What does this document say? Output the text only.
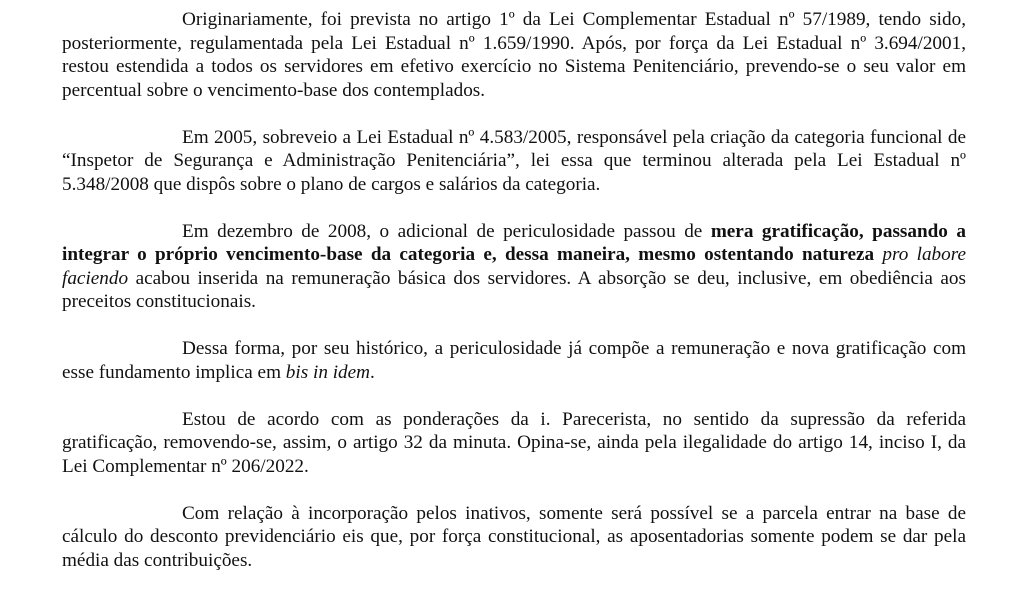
Originariamente, foi prevista no artigo 1º da Lei Complementar Estadual nº 57/1989, tendo sido, posteriormente, regulamentada pela Lei Estadual nº 1.659/1990. Após, por força da Lei Estadual nº 3.694/2001, restou estendida a todos os servidores em efetivo exercício no Sistema Penitenciário, prevendo-se o seu valor em percentual sobre o vencimento-base dos contemplados.

Em 2005, sobreveio a Lei Estadual nº 4.583/2005, responsável pela criação da categoria funcional de “Inspetor de Segurança e Administração Penitenciária”, lei essa que terminou alterada pela Lei Estadual nº 5.348/2008 que dispôs sobre o plano de cargos e salários da categoria.

Em dezembro de 2008, o adicional de periculosidade passou de mera gratificação, passando a integrar o próprio vencimento-base da categoria e, dessa maneira, mesmo ostentando natureza pro labore faciendo acabou inserida na remuneração básica dos servidores. A absorção se deu, inclusive, em obediência aos preceitos constitucionais.

Dessa forma, por seu histórico, a periculosidade já compõe a remuneração e nova gratificação com esse fundamento implica em bis in idem.

Estou de acordo com as ponderações da i. Parecerista, no sentido da supressão da referida gratificação, removendo-se, assim, o artigo 32 da minuta. Opina-se, ainda pela ilegalidade do artigo 14, inciso I, da Lei Complementar nº 206/2022.

Com relação à incorporação pelos inativos, somente será possível se a parcela entrar na base de cálculo do desconto previdenciário eis que, por força constitucional, as aposentadorias somente podem se dar pela média das contribuições.
